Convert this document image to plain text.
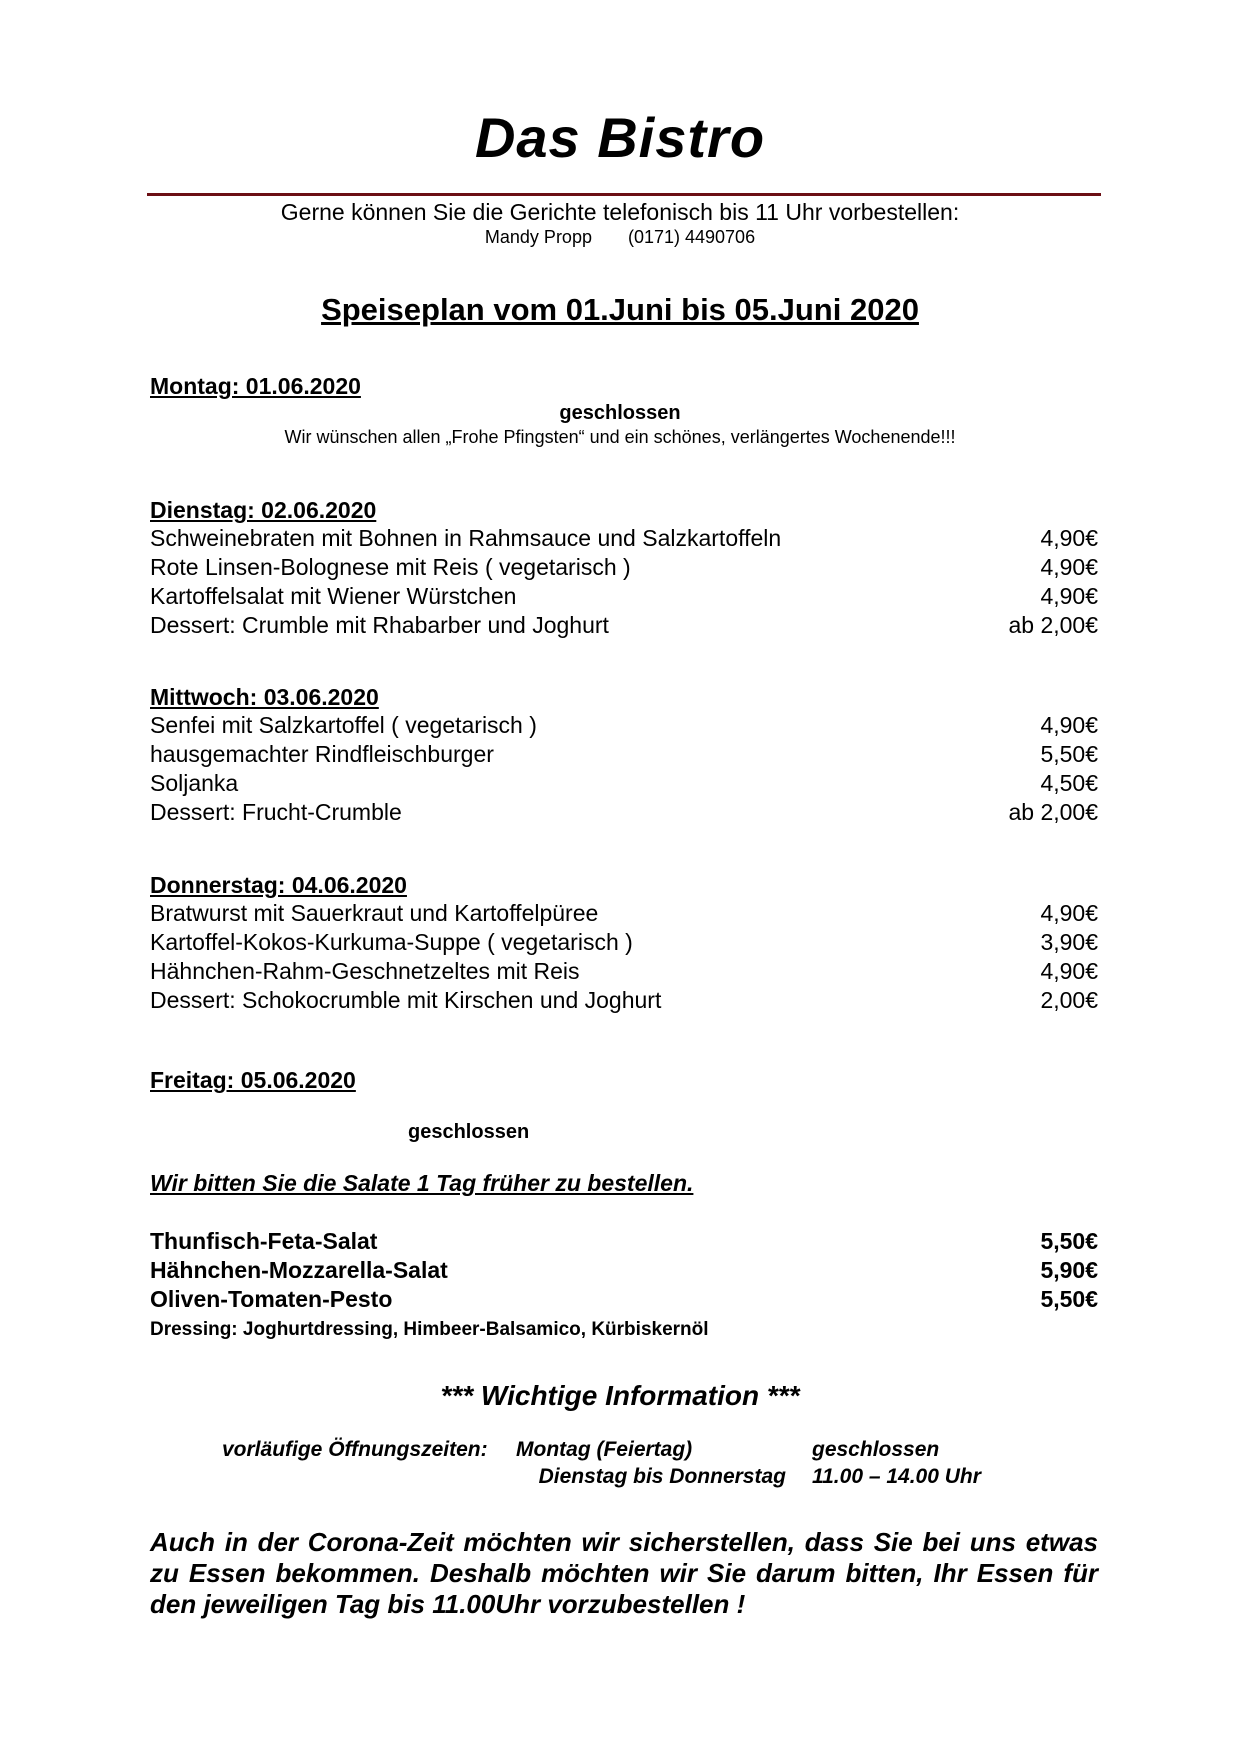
Das Bistro
Gerne können Sie die Gerichte telefonisch bis 11 Uhr vorbestellen:
Mandy Propp (0171) 4490706
Speiseplan vom 01.Juni bis 05.Juni 2020
Montag: 01.06.2020
geschlossen
Wir wünschen allen „Frohe Pfingsten“ und ein schönes, verlängertes Wochenende!!!
Dienstag: 02.06.2020
Schweinebraten mit Bohnen in Rahmsauce und Salzkartoffeln	4,90€
Rote Linsen-Bolognese mit Reis ( vegetarisch )	4,90€
Kartoffelsalat mit Wiener Würstchen	4,90€
Dessert: Crumble mit Rhabarber und Joghurt	ab 2,00€
Mittwoch: 03.06.2020
Senfei mit Salzkartoffel ( vegetarisch )	4,90€
hausgemachter Rindfleischburger	5,50€
Soljanka	4,50€
Dessert: Frucht-Crumble	ab 2,00€
Donnerstag: 04.06.2020
Bratwurst mit Sauerkraut und Kartoffelpüree	4,90€
Kartoffel-Kokos-Kurkuma-Suppe ( vegetarisch )	3,90€
Hähnchen-Rahm-Geschnetzeltes mit Reis	4,90€
Dessert: Schokocrumble mit Kirschen und Joghurt	2,00€
Freitag: 05.06.2020
geschlossen
Wir bitten Sie die Salate 1 Tag früher zu bestellen.
Thunfisch-Feta-Salat	5,50€
Hähnchen-Mozzarella-Salat	5,90€
Oliven-Tomaten-Pesto	5,50€
Dressing: Joghurtdressing, Himbeer-Balsamico, Kürbiskernöl
*** Wichtige Information ***
vorläufige Öffnungszeiten: Montag (Feiertag)	geschlossen
Dienstag bis Donnerstag 11.00 – 14.00 Uhr
Auch in der Corona-Zeit möchten wir sicherstellen, dass Sie bei uns etwas zu Essen bekommen. Deshalb möchten wir Sie darum bitten, Ihr Essen für den jeweiligen Tag bis 11.00Uhr vorzubestellen !
